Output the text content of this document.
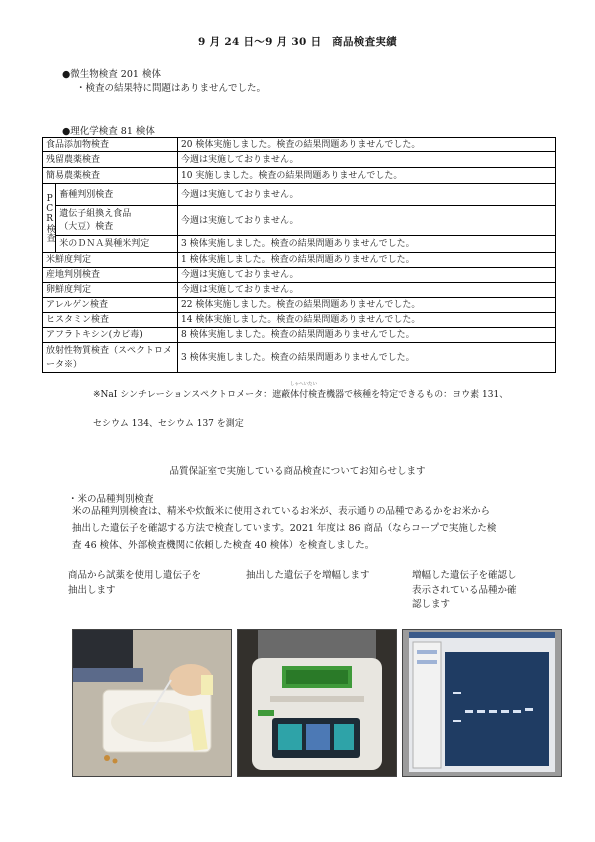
9 月 24 日～9 月 30 日　商品検査実績
●微生物検査 201 検体
・検査の結果特に問題はありませんでした。
●理化学検査 81 検体
食品添加物検査		20 検体実施しました。検査の結果問題ありませんでした。
残留農薬検査		今週は実施しておりません。
簡易農薬検査		10 実施しました。検査の結果問題ありませんでした。
PCR検査	畜種判別検査	今週は実施しておりません。
	遺伝子組換え食品
（大豆）検査	今週は実施しておりません。
	米のＤＮＡ異種米判定	3 検体実施しました。検査の結果問題ありませんでした。
米鮮度判定		1 検体実施しました。検査の結果問題ありませんでした。
産地判別検査		今週は実施しておりません。
卵鮮度判定		今週は実施しておりません。
アレルゲン検査		22 検体実施しました。検査の結果問題ありませんでした。
ヒスタミン検査		14 検体実施しました。検査の結果問題ありませんでした。
アフラトキシン(カビ毒)		8 検体実施しました。検査の結果問題ありませんでした。
放射性物質検査（スペクトロメータ※）		3 検体実施しました。検査の結果問題ありませんでした。
しゃへいたい
※NaI シンチレーションスペクトロメータ：遮蔽体付検査機器で核種を特定できるもの：ヨウ素 131、
セシウム 134、セシウム 137 を測定
品質保証室で実施している商品検査についてお知らせします
・米の品種判別検査
米の品種判別検査は、精米や炊飯米に使用されているお米が、表示通りの品種であるかをお米から
抽出した遺伝子を確認する方法で検査しています。2021 年度は 86 商品（ならコープで実施した検
査 46 検体、外部検査機関に依頼した検査 40 検体）を検査しました。
商品から試薬を使用し遺伝子を
抽出します
抽出した遺伝子を増幅します	増幅した遺伝子を確認し
表示されている品種か確
認します
